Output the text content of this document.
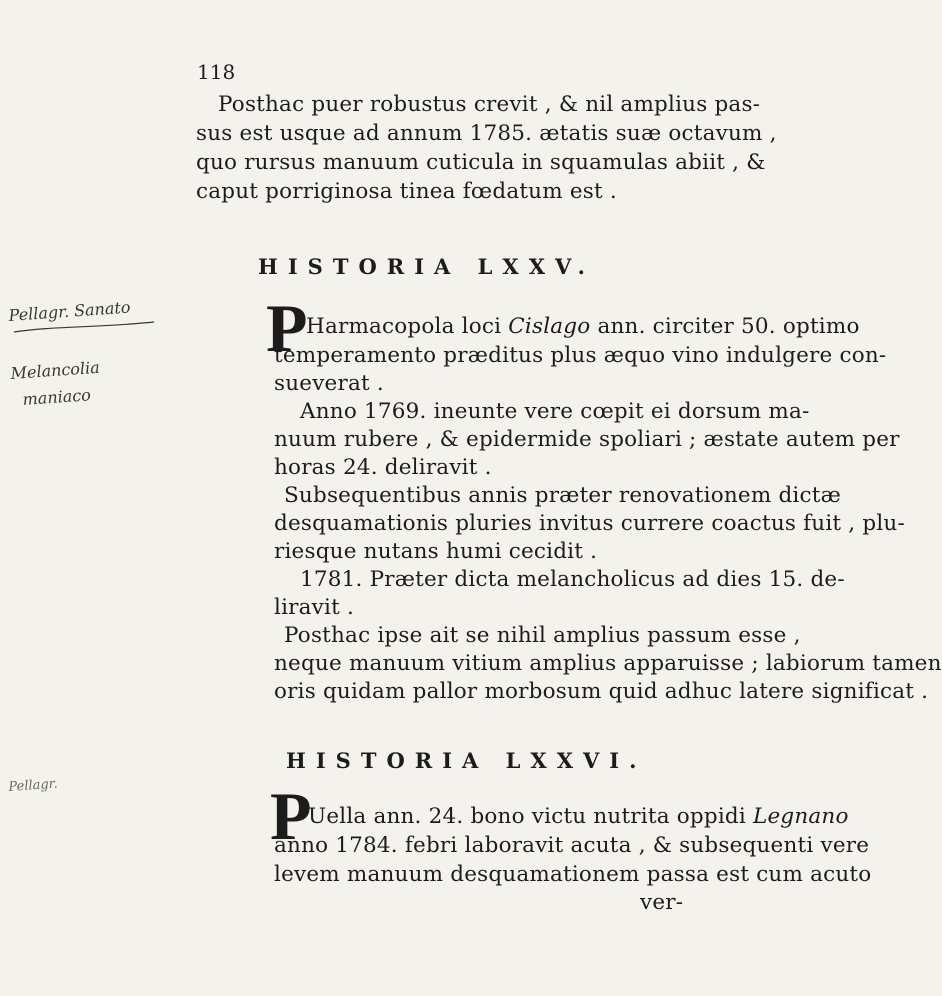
118
Posthac puer robustus crevit , & nil amplius pas-
sus est usque ad annum 1785. ætatis suæ octavum ,
quo rursus manuum cuticula in squamulas abiit , &
caput porriginosa tinea fœdatum est .
HISTORIA LXXV.
Pellagr. Sanato
Melancolia
maniaco
P
Harmacopola loci Cislago ann. circiter 50. optimo
temperamento præditus plus æquo vino indulgere con-
sueverat .
Anno 1769. ineunte vere cœpit ei dorsum ma-
nuum rubere , & epidermide spoliari ; æstate autem per
horas 24. deliravit .
Subsequentibus annis præter renovationem dictæ
desquamationis pluries invitus currere coactus fuit , plu-
riesque nutans humi cecidit .
1781. Præter dicta melancholicus ad dies 15. de-
liravit .
Posthac ipse ait se nihil amplius passum esse ,
neque manuum vitium amplius apparuisse ; labiorum tamen
oris quidam pallor morbosum quid adhuc latere significat .
HISTORIA LXXVI.
Pellagr.	P
Uella ann. 24. bono victu nutrita oppidi Legnano
anno 1784. febri laboravit acuta , & subsequenti vere
levem manuum desquamationem passa est cum acuto
ver-
